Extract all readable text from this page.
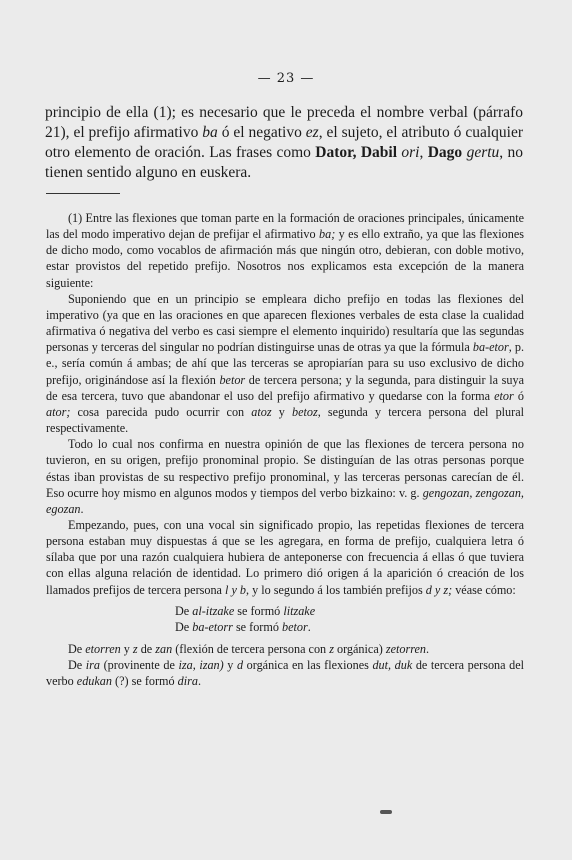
— 23 —

principio de ella (1); es necesario que le preceda el nombre verbal (párrafo 21), el prefijo afirmativo ba ó el negativo ez, el sujeto, el atributo ó cualquier otro elemento de oración. Las frases como Dator, Dabil ori, Dago gertu, no tienen sentido alguno en euskera.

(1) Entre las flexiones que toman parte en la formación de oraciones principales, únicamente las del modo imperativo dejan de prefijar el afirmativo ba; y es ello extraño, ya que las flexiones de dicho modo, como vocablos de afirmación más que ningún otro, debieran, con doble motivo, estar provistos del repetido prefijo. Nosotros nos explicamos esta excepción de la manera siguiente:

Suponiendo que en un principio se empleara dicho prefijo en todas las flexiones del imperativo (ya que en las oraciones en que aparecen flexiones verbales de esta clase la cualidad afirmativa ó negativa del verbo es casi siempre el elemento inquirido) resultaría que las segundas personas y terceras del singular no podrían distinguirse unas de otras ya que la fórmula ba-etor, p. e., sería común á ambas; de ahí que las terceras se apropiarían para su uso exclusivo de dicho prefijo, originándose así la flexión betor de tercera persona; y la segunda, para distinguir la suya de esa tercera, tuvo que abandonar el uso del prefijo afirmativo y quedarse con la forma etor ó ator; cosa parecida pudo ocurrir con atoz y betoz, segunda y tercera persona del plural respectivamente.

Todo lo cual nos confirma en nuestra opinión de que las flexiones de tercera persona no tuvieron, en su origen, prefijo pronominal propio. Se distinguían de las otras personas porque éstas iban provistas de su respectivo prefijo pronominal, y las terceras personas carecían de él. Eso ocurre hoy mismo en algunos modos y tiempos del verbo bizkaino: v. g. gengozan, zengozan, egozan.

Empezando, pues, con una vocal sin significado propio, las repetidas flexiones de tercera persona estaban muy dispuestas á que se les agregara, en forma de prefijo, cualquiera letra ó sílaba que por una razón cualquiera hubiera de anteponerse con frecuencia á ellas ó que tuviera con ellas alguna relación de identidad. Lo primero dió origen á la aparición ó creación de los llamados prefijos de tercera persona l y b, y lo segundo á los también prefijos d y z; véase cómo:

De al-itzake se formó litzake

De ba-etorr se formó betor.

De etorren y z de zan (flexión de tercera persona con z orgánica) zetorren.

De ira (provinente de iza, izan) y d orgánica en las flexiones dut, duk de tercera persona del verbo edukan (?) se formó dira.
